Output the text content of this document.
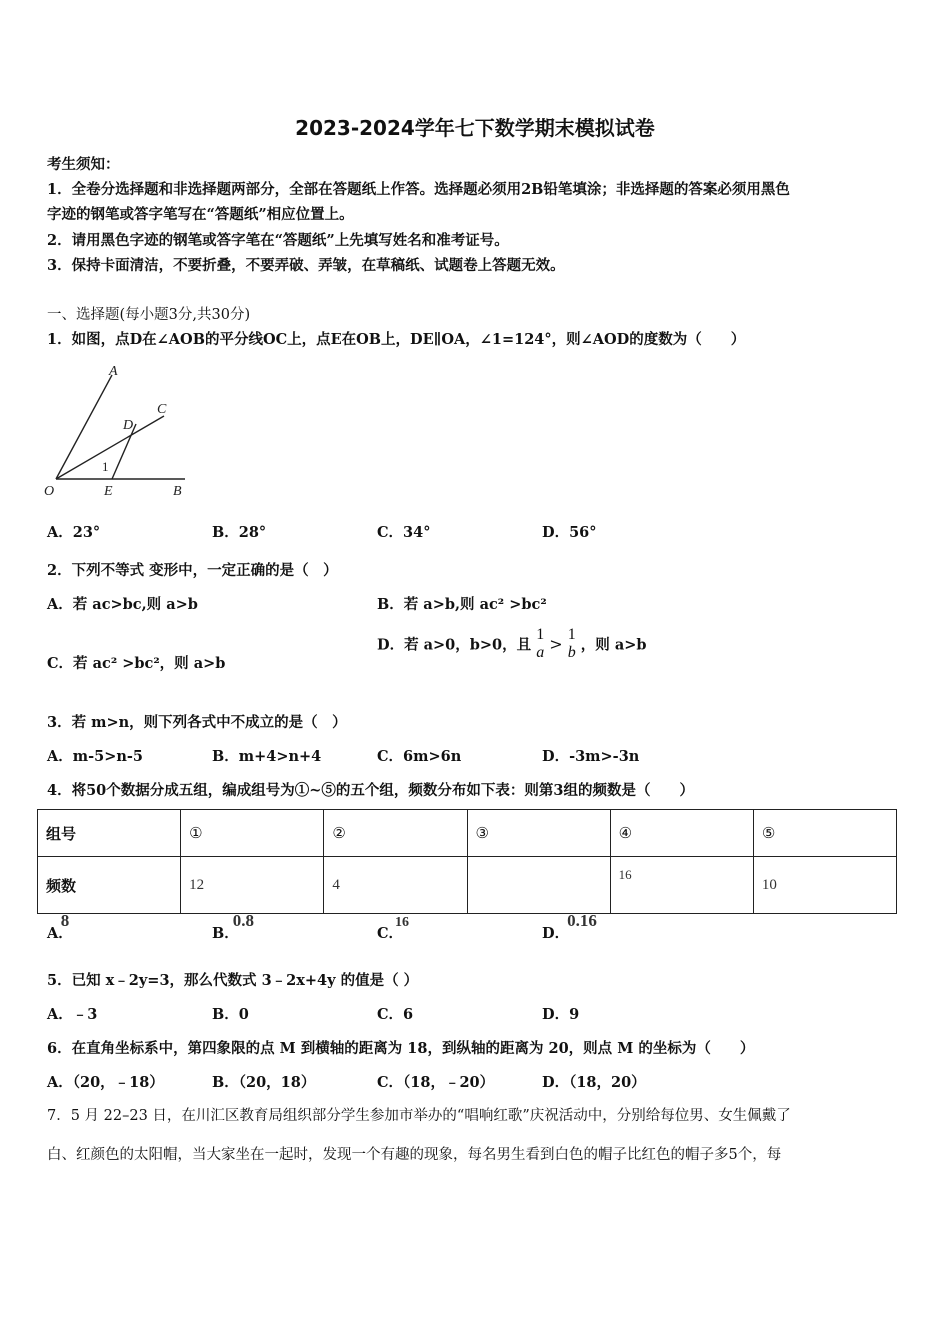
2023-2024学年七下数学期末模拟试卷
考生须知：
1．全卷分选择题和非选择题两部分，全部在答题纸上作答。选择题必须用2B铅笔填涂；非选择题的答案必须用黑色
字迹的钢笔或答字笔写在“答题纸”相应位置上。
2．请用黑色字迹的钢笔或答字笔在“答题纸”上先填写姓名和准考证号。
3．保持卡面清洁，不要折叠，不要弄破、弄皱，在草稿纸、试题卷上答题无效。
一、选择题(每小题3分,共30分)
1．如图，点D在∠AOB的平分线OC上，点E在OB上，DE∥OA，∠1=124°，则∠AOD的度数为（　　）
A
C
D
O	E	B
1
A．23°	B．28°	C．34°	D．56°
2．下列不等式 变形中，一定正确的是（　）
A．若 ac>bc,则 a>b	B．若 a>b,则 ac² >bc²
C．若 ac² >bc²，则 a>b
D．若 a>0，b>0，且
1
a > 1
b ，则 a>b
3．若 m>n，则下列各式中不成立的是（　）
A．m-5>n-5	B．m+4>n+4	C．6m>6n	D．-3m>-3n
4．将50个数据分成五组，编成组号为①~⑤的五个组，频数分布如下表：则第3组的频数是（　　）
组号	①	②	③	④	⑤
频数	12	4		16	10
A．8
B．0.8
C．16
D．0.16
5．已知 x﹣2y=3，那么代数式 3﹣2x+4y 的值是（ ）
A．﹣3	B．0	C．6	D．9
6．在直角坐标系中，第四象限的点 M 到横轴的距离为 18，到纵轴的距离为 20，则点 M 的坐标为（　　）
A．（20，﹣18）	B．（20，18）	C．（18，﹣20）	D．（18，20）
7．5 月 22–23 日，在川汇区教育局组织部分学生参加市举办的“唱响红歌”庆祝活动中，分别给每位男、女生佩戴了
白、红颜色的太阳帽，当大家坐在一起时，发现一个有趣的现象，每名男生看到白色的帽子比红色的帽子多5个，每
